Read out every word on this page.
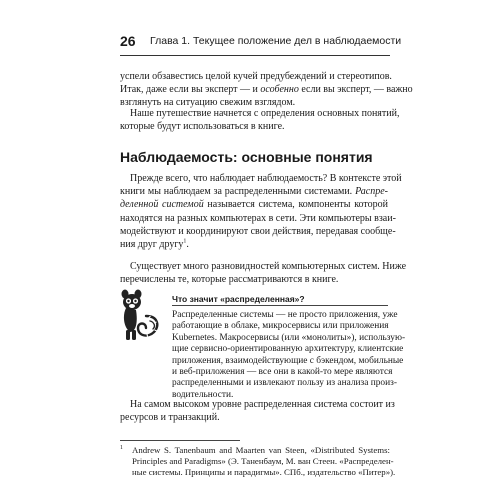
26 Глава 1. Текущее положение дел в наблюдаемости
успели обзавестись целой кучей предубеждений и стереотипов.
Итак, даже если вы эксперт — и особенно если вы эксперт, — важно
взглянуть на ситуацию свежим взглядом.
Наше путешествие начнется с определения основных понятий,
которые будут использоваться в книге.
Наблюдаемость: основные понятия
Прежде всего, что наблюдает наблюдаемость? В контексте этой
книги мы наблюдаем за распределенными системами. Распре-
деленной системой называется система, компоненты которой
находятся на разных компьютерах в сети. Эти компьютеры взаи-
модействуют и координируют свои действия, передавая сообще-
ния друг другу$^1$.
Существует много разновидностей компьютерных систем. Ниже
перечислены те, которые рассматриваются в книге.
Что значит «распределенная»?
Распределенные системы — не просто приложения, уже
работающие в облаке, микросервисы или приложения
Kubernetes. Макросервисы (или «монолиты»), использую-
щие сервисно-ориентированную архитектуру, клиентские
приложения, взаимодействующие с бэкендом, мобильные
и веб-приложения — все они в какой-то мере являются
распределенными и извлекают пользу из анализа произ-
водительности.
На самом высоком уровне распределенная система состоит из
ресурсов и транзакций.
$^1$ Andrew S. Tanenbaum and Maarten van Steen, «Distributed Systems:
Principles and Paradigms» (Э. Таненбаум, М. ван Стеен. «Распределен-
ные системы. Принципы и парадигмы». СПб., издательство «Питер»).
